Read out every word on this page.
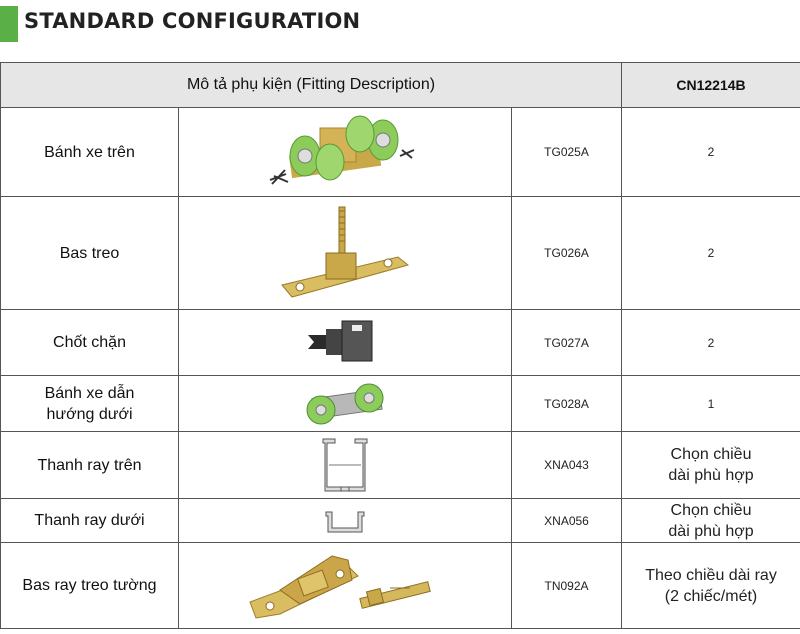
STANDARD CONFIGURATION
Mô tả phụ kiện (Fitting Description)			CN12214B
Bánh xe trên		TG025A	2
Bas treo		TG026A	2
Chốt chặn		TG027A	2

Bánh xe dẫn
hướng dưới		TG028A	1
Thanh ray trên		XNA043	Chọn chiều
dài phù hợp

Thanh ray dưới		XNA056	Chọn chiều
dài phù hợp

Bas ray treo tường		TN092A	Theo chiều dài ray
(2 chiếc/mét)
